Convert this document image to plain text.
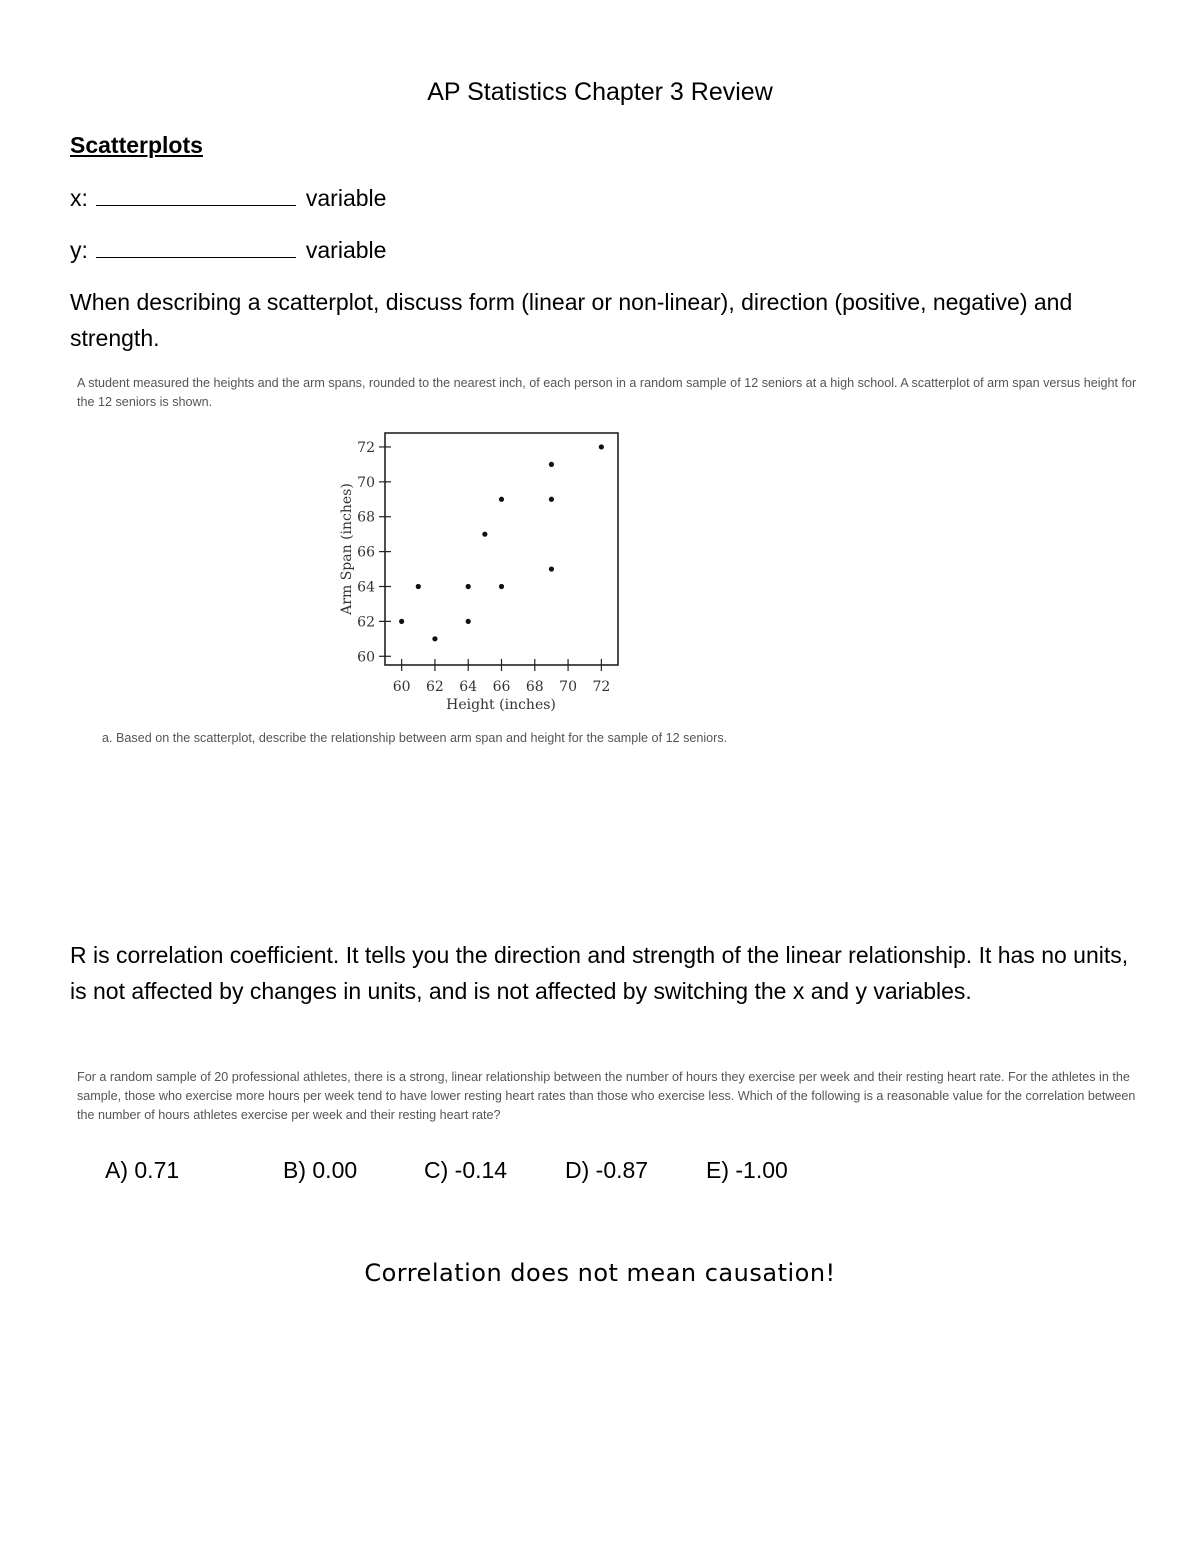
AP Statistics Chapter 3 Review
Scatterplots
x:	variable
y:	variable
When describing a scatterplot, discuss form (linear or non-linear), direction (positive, negative) and strength.
A student measured the heights and the arm spans, rounded to the nearest inch, of each person in a random sample of 12 seniors at a high school. A scatterplot of arm span versus height for the 12 seniors is shown.
60 62 64 66 68 70 72
60
62
64
66
68
70
72
Height (inches)
Arm Span (inches)
a. Based on the scatterplot, describe the relationship between arm span and height for the sample of 12 seniors.
R is correlation coefficient. It tells you the direction and strength of the linear relationship. It has no units, is not affected by changes in units, and is not affected by switching the x and y variables.
For a random sample of 20 professional athletes, there is a strong, linear relationship between the number of hours they exercise per week and their resting heart rate. For the athletes in the sample, those who exercise more hours per week tend to have lower resting heart rates than those who exercise less. Which of the following is a reasonable value for the correlation between the number of hours athletes exercise per week and their resting heart rate?
A) 0.71	B) 0.00	C) -0.14	D) -0.87	E) -1.00
Correlation does not mean causation!
